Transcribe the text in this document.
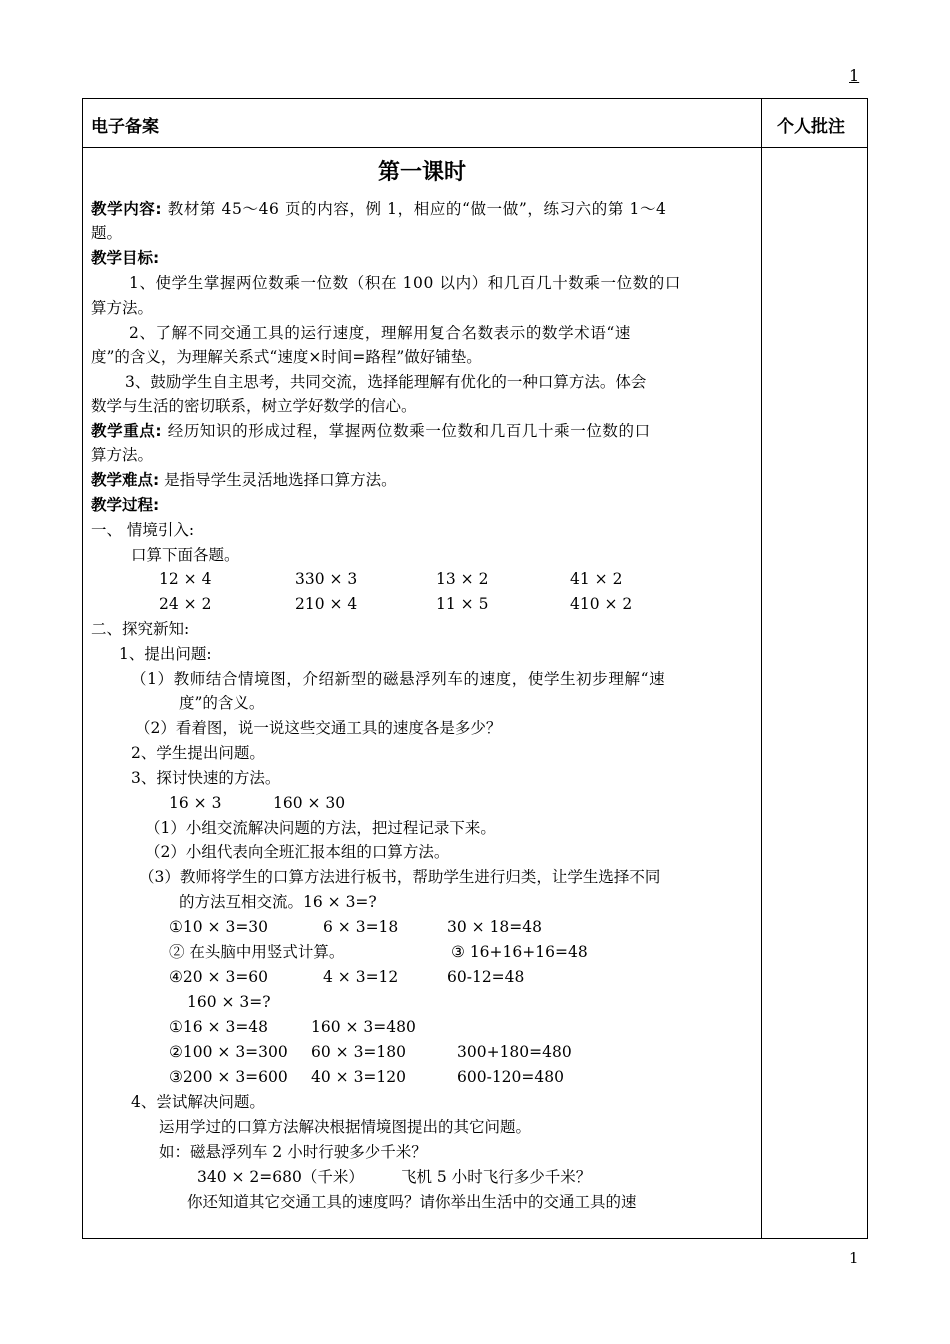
1
电子备案	个人批注
第一课时
教学内容: 教材第 45～46 页的内容，例 1，相应的“做一做”，练习六的第 1～4
题。
教学目标:
1、使学生掌握两位数乘一位数（积在 100 以内）和几百几十数乘一位数的口
算方法。
2、了解不同交通工具的运行速度，理解用复合名数表示的数学术语“速
度”的含义，为理解关系式“速度×时间=路程”做好铺垫。
3、鼓励学生自主思考，共同交流，选择能理解有优化的一种口算方法。体会
数学与生活的密切联系，树立学好数学的信心。
教学重点: 经历知识的形成过程，掌握两位数乘一位数和几百几十乘一位数的口
算方法。
教学难点: 是指导学生灵活地选择口算方法。
教学过程:
一、 情境引入:
口算下面各题。
12 × 4	330 × 3	13 × 2	41 × 2
24 × 2	210 × 4	11 × 5	410 × 2
二、探究新知:
1、提出问题:
（1）教师结合情境图，介绍新型的磁悬浮列车的速度，使学生初步理解“速
度”的含义。
（2）看着图，说一说这些交通工具的速度各是多少？
2、学生提出问题。
3、探讨快速的方法。
16 × 3	160 × 30
（1）小组交流解决问题的方法，把过程记录下来。
（2）小组代表向全班汇报本组的口算方法。
（3）教师将学生的口算方法进行板书，帮助学生进行归类，让学生选择不同
的方法互相交流。16 × 3=?
①10 × 3=30	6 × 3=18	30 × 18=48
② 在头脑中用竖式计算。	③ 16+16+16=48
④20 × 3=60	4 × 3=12	60-12=48
160 × 3=?
①16 × 3=48	160 × 3=480
②100 × 3=300 60 × 3=180	300+180=480
③200 × 3=600 40 × 3=120	600-120=480
4、尝试解决问题。
运用学过的口算方法解决根据情境图提出的其它问题。
如：磁悬浮列车 2 小时行驶多少千米？
340 × 2=680（千米） 飞机 5 小时飞行多少千米？
你还知道其它交通工具的速度吗？请你举出生活中的交通工具的速
1
